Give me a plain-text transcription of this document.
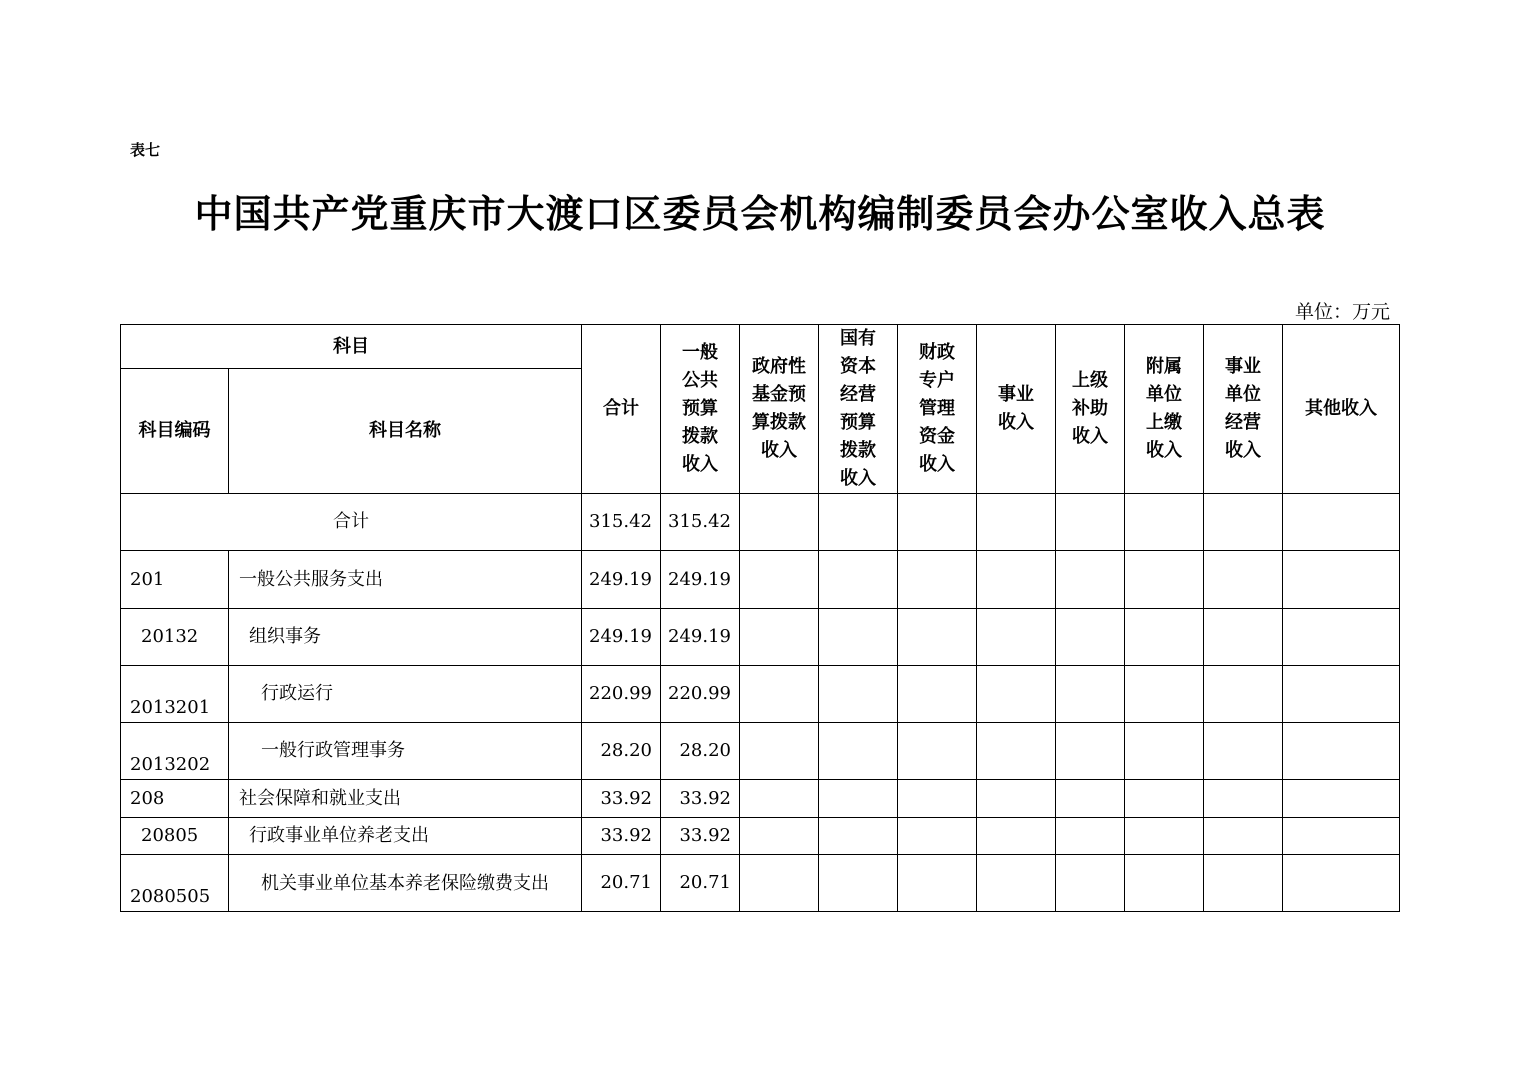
表七
中国共产党重庆市大渡口区委员会机构编制委员会办公室收入总表
单位：万元
科目		合计	一般公共预算拨款收入	政府性基金预算拨款收入	国有资本经营预算拨款收入	财政专户管理资金收入	事业收入	上级补助收入	附属单位上缴收入	事业单位经营收入	其他收入

科目编码	科目名称										
合计		315.42	315.42								
201	一般公共服务支出	249.19	249.19								
20132	组织事务	249.19	249.19								
2013201	行政运行	220.99	220.99								
2013202	一般行政管理事务	28.20	28.20								
208	社会保障和就业支出	33.92	33.92								
20805	行政事业单位养老支出	33.92	33.92								
2080505	机关事业单位基本养老保险缴费支出	20.71	20.71								
